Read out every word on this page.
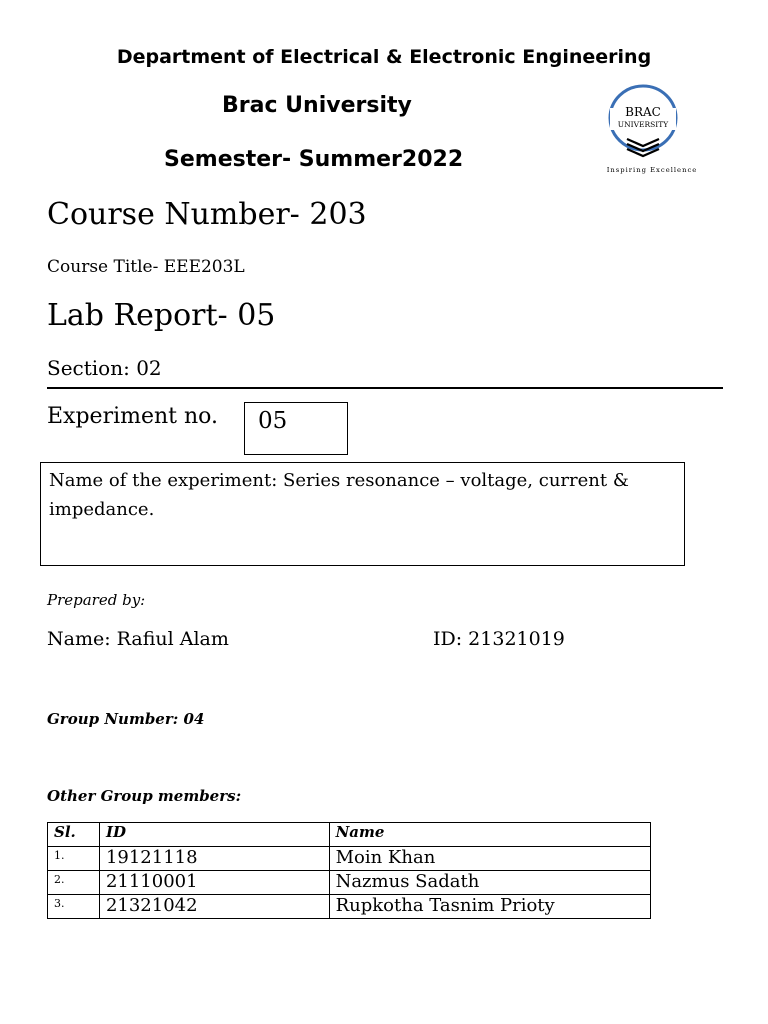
Department of Electrical & Electronic Engineering
Brac University
Semester- Summer2022
BRAC
UNIVERSITY
Inspiring Excellence
Course Number- 203
Course Title- EEE203L
Lab Report- 05
Section: 02
Experiment no. 05
Name of the experiment: Series resonance – voltage, current & impedance.
Prepared by:
Name: Rafiul Alam	ID: 21321019
Group Number: 04
Other Group members:
Sl.	ID	Name
1.	19121118	Moin Khan
2.	21110001	Nazmus Sadath
3.	21321042	Rupkotha Tasnim Prioty
